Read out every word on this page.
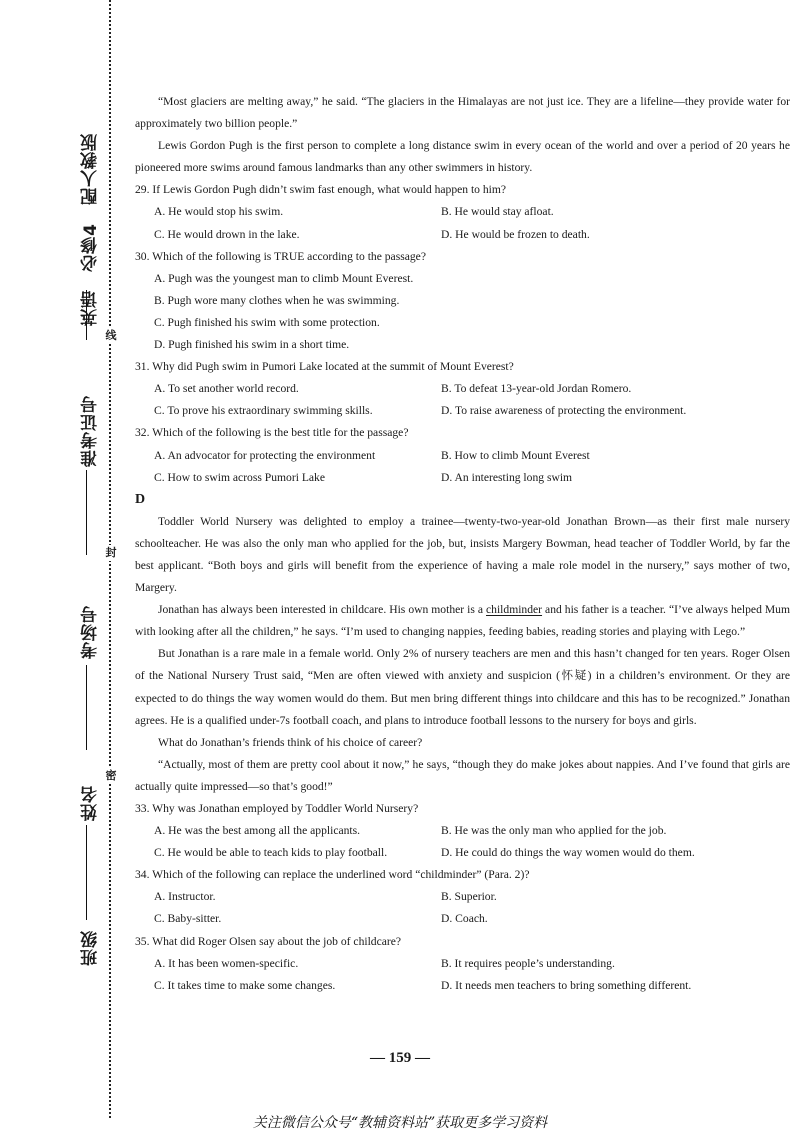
英语　必修4　配人教版
准考证号
考场号
姓名
班级
线
封
密

“Most glaciers are melting away,” he said. “The glaciers in the Himalayas are not just ice. They are a lifeline—they provide water for approximately two billion people.”

Lewis Gordon Pugh is the first person to complete a long distance swim in every ocean of the world and over a period of 20 years he pioneered more swims around famous landmarks than any other swimmers in history.

29. If Lewis Gordon Pugh didn’t swim fast enough, what would happen to him?

A. He would stop his swim.	B. He would stay afloat.
C. He would drown in the lake.	D. He would be frozen to death.

30. Which of the following is TRUE according to the passage?

A. Pugh was the youngest man to climb Mount Everest.
B. Pugh wore many clothes when he was swimming.
C. Pugh finished his swim with some protection.
D. Pugh finished his swim in a short time.

31. Why did Pugh swim in Pumori Lake located at the summit of Mount Everest?

A. To set another world record.	B. To defeat 13-year-old Jordan Romero.
C. To prove his extraordinary swimming skills.	D. To raise awareness of protecting the environment.

32. Which of the following is the best title for the passage?

A. An advocator for protecting the environment	B. How to climb Mount Everest
C. How to swim across Pumori Lake	D. An interesting long swim

D

Toddler World Nursery was delighted to employ a trainee—twenty-two-year-old Jonathan Brown—as their first male nursery schoolteacher. He was also the only man who applied for the job, but, insists Margery Bowman, head teacher of Toddler World, by far the best applicant. “Both boys and girls will benefit from the experience of having a male role model in the nursery,” says mother of two, Margery.

Jonathan has always been interested in childcare. His own mother is a childminder and his father is a teacher. “I’ve always helped Mum with looking after all the children,” he says. “I’m used to changing nappies, feeding babies, reading stories and playing with Lego.”

But Jonathan is a rare male in a female world. Only 2% of nursery teachers are men and this hasn’t changed for ten years. Roger Olsen of the National Nursery Trust said, “Men are often viewed with anxiety and suspicion (怀疑) in a children’s environment. Or they are expected to do things the way women would do them. But men bring different things into childcare and this has to be recognized.” Jonathan agrees. He is a qualified under-7s football coach, and plans to introduce football lessons to the nursery for boys and girls.

What do Jonathan’s friends think of his choice of career?

“Actually, most of them are pretty cool about it now,” he says, “though they do make jokes about nappies. And I’ve found that girls are actually quite impressed—so that’s good!”

33. Why was Jonathan employed by Toddler World Nursery?

A. He was the best among all the applicants.	B. He was the only man who applied for the job.
C. He would be able to teach kids to play football.	D. He could do things the way women would do them.

34. Which of the following can replace the underlined word “childminder” (Para. 2)?

A. Instructor.	B. Superior.
C. Baby-sitter.	D. Coach.

35. What did Roger Olsen say about the job of childcare?

A. It has been women-specific.	B. It requires people’s understanding.
C. It takes time to make some changes.	D. It needs men teachers to bring something different.
— 159 —
关注微信公众号“教辅资料站”获取更多学习资料
